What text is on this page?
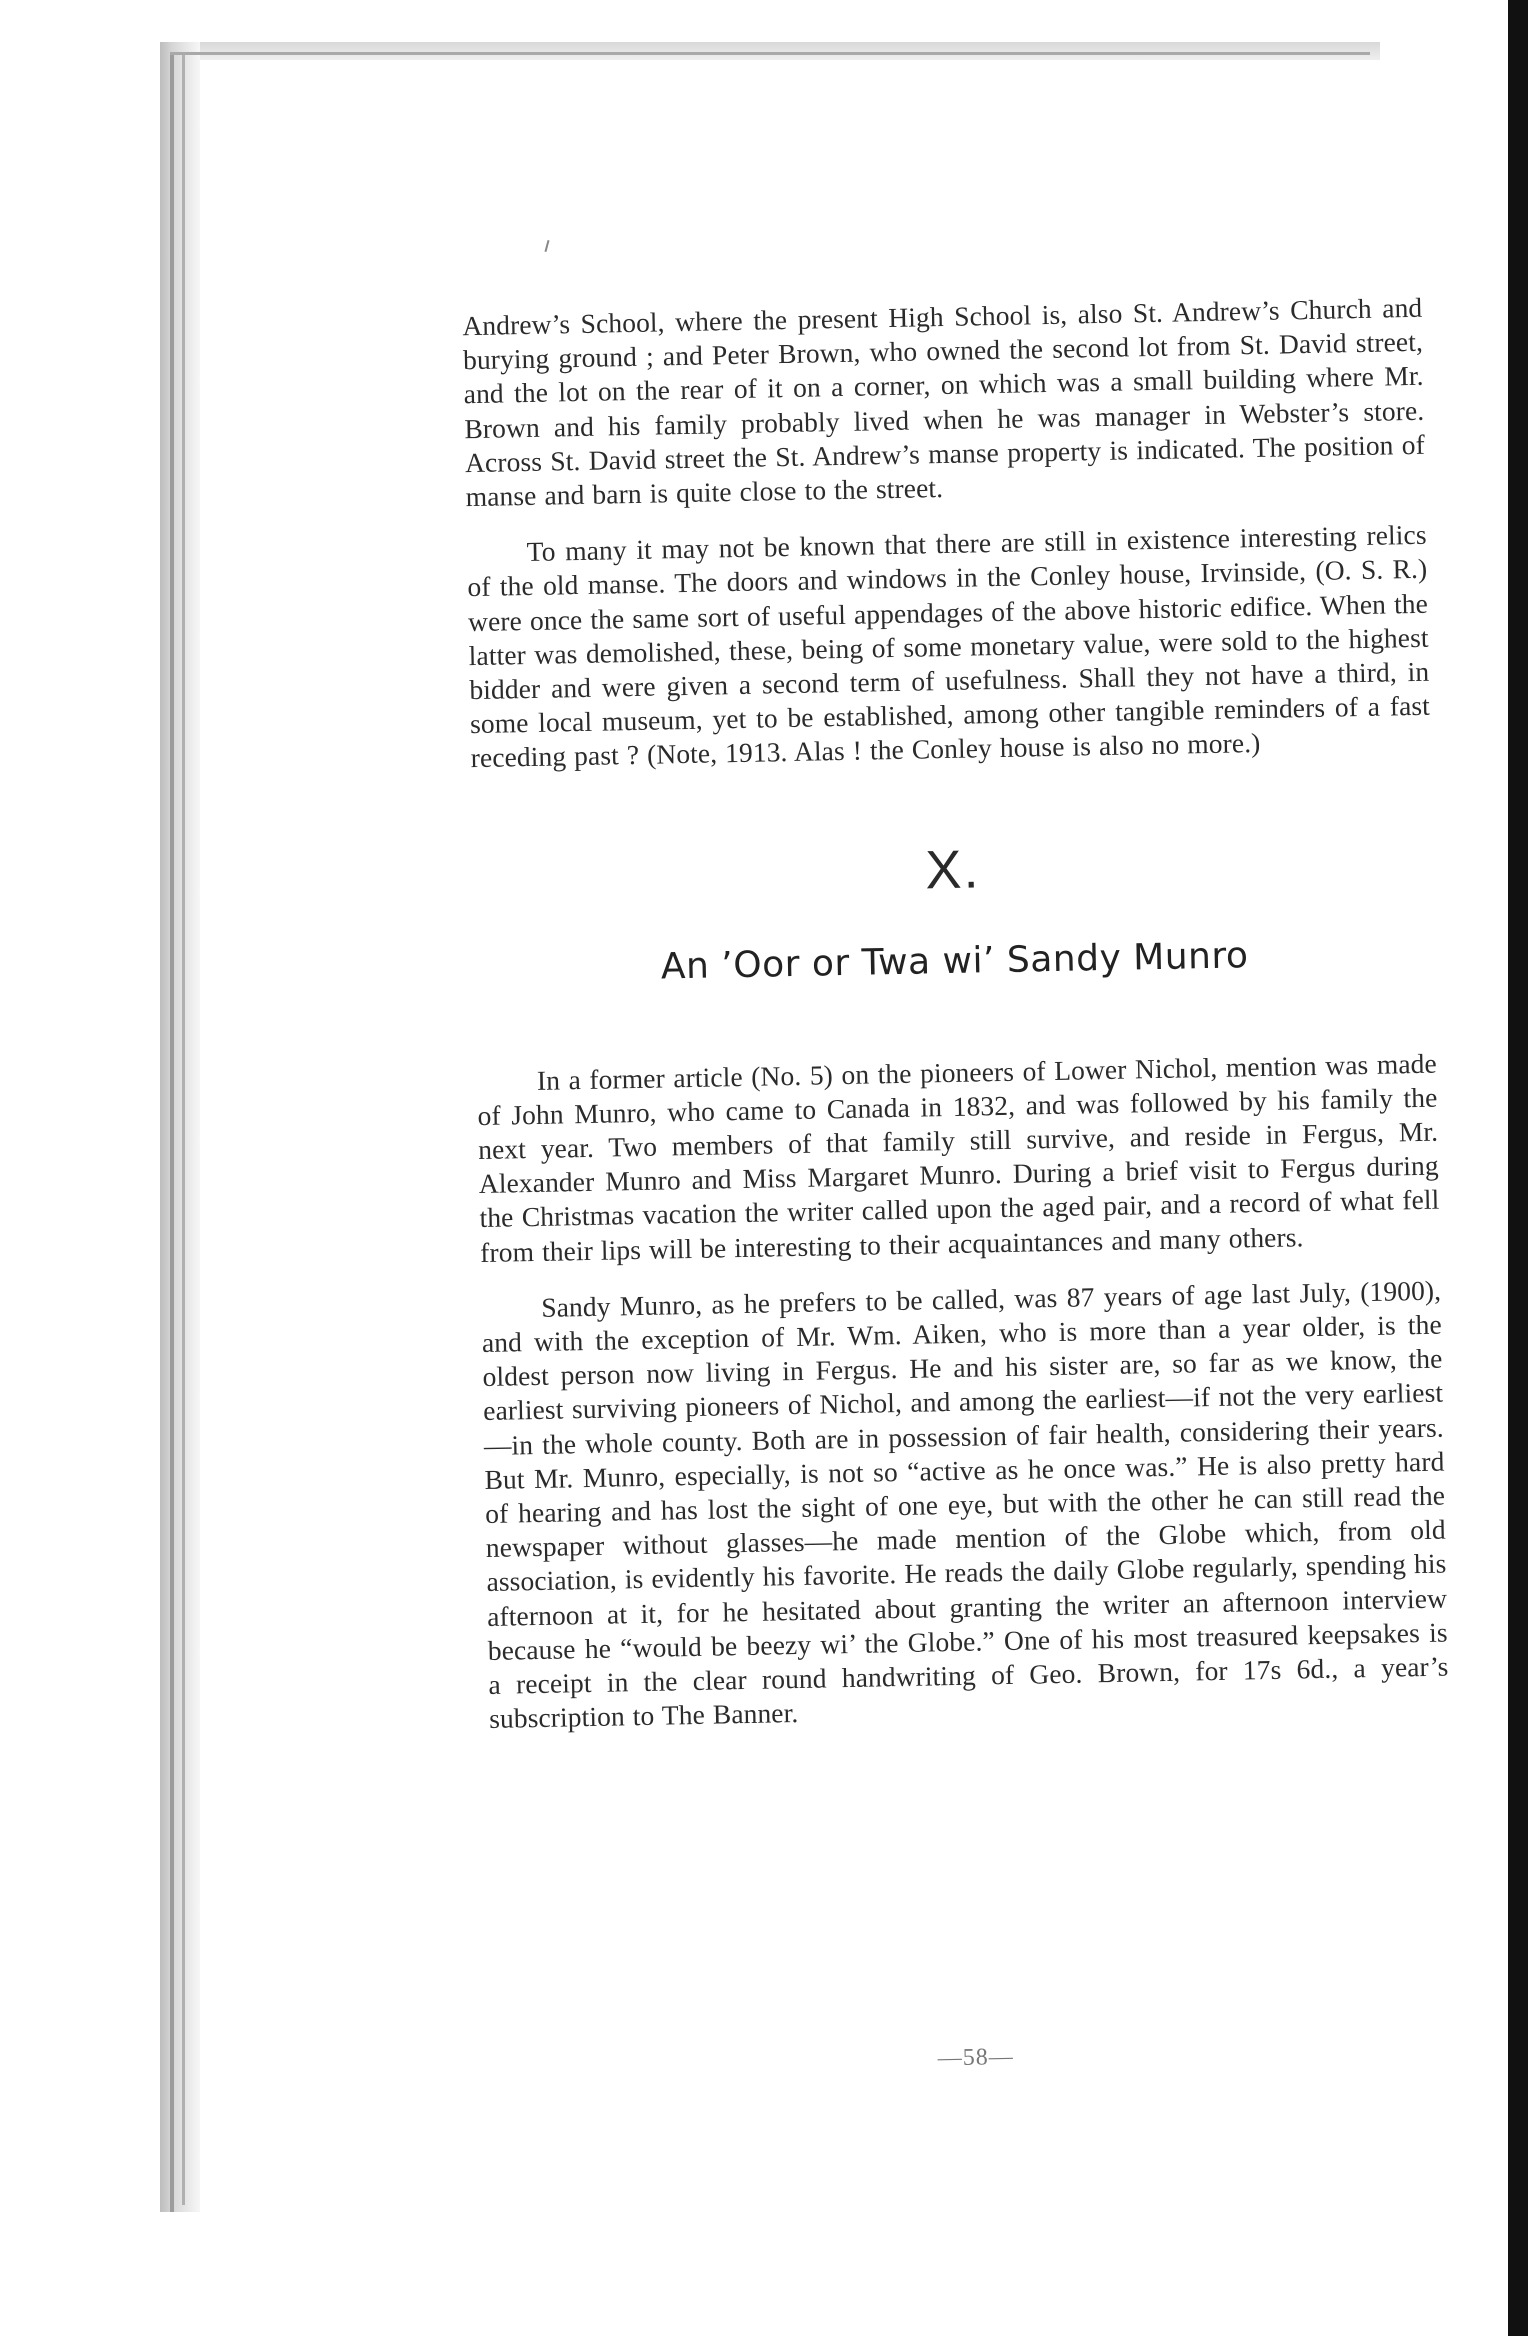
Andrew’s School, where the present High School is, also St. Andrew’s Church and burying ground ; and Peter Brown, who owned the second lot from St. David street, and the lot on the rear of it on a corner, on which was a small building where Mr. Brown and his family probably lived when he was manager in Webster’s store. Across St. David street the St. Andrew’s manse property is indicated. The position of manse and barn is quite close to the street.

To many it may not be known that there are still in existence interesting relics of the old manse. The doors and windows in the Conley house, Irvinside, (O. S. R.) were once the same sort of useful appendages of the above historic edifice. When the latter was demolished, these, being of some monetary value, were sold to the highest bidder and were given a second term of usefulness. Shall they not have a third, in some local museum, yet to be established, among other tangible reminders of a fast receding past ? (Note, 1913. Alas ! the Conley house is also no more.)

X.
An ’Oor or Twa wi’ Sandy Munro

In a former article (No. 5) on the pioneers of Lower Nichol, mention was made of John Munro, who came to Canada in 1832, and was followed by his family the next year. Two members of that family still survive, and reside in Fergus, Mr. Alexander Munro and Miss Margaret Munro. During a brief visit to Fergus during the Christmas vacation the writer called upon the aged pair, and a record of what fell from their lips will be interesting to their acquaintances and many others.

Sandy Munro, as he prefers to be called, was 87 years of age last July, (1900), and with the exception of Mr. Wm. Aiken, who is more than a year older, is the oldest person now living in Fergus. He and his sister are, so far as we know, the earliest surviving pioneers of Nichol, and among the earliest—if not the very earliest—in the whole county. Both are in possession of fair health, considering their years. But Mr. Munro, especially, is not so “active as he once was.” He is also pretty hard of hearing and has lost the sight of one eye, but with the other he can still read the newspaper without glasses—he made mention of the Globe which, from old association, is evidently his favorite. He reads the daily Globe regularly, spending his afternoon at it, for he hesitated about granting the writer an afternoon interview because he “would be beezy wi’ the Globe.” One of his most treasured keepsakes is a receipt in the clear round handwriting of Geo. Brown, for 17s 6d., a year’s subscription to The Banner.

—58—
